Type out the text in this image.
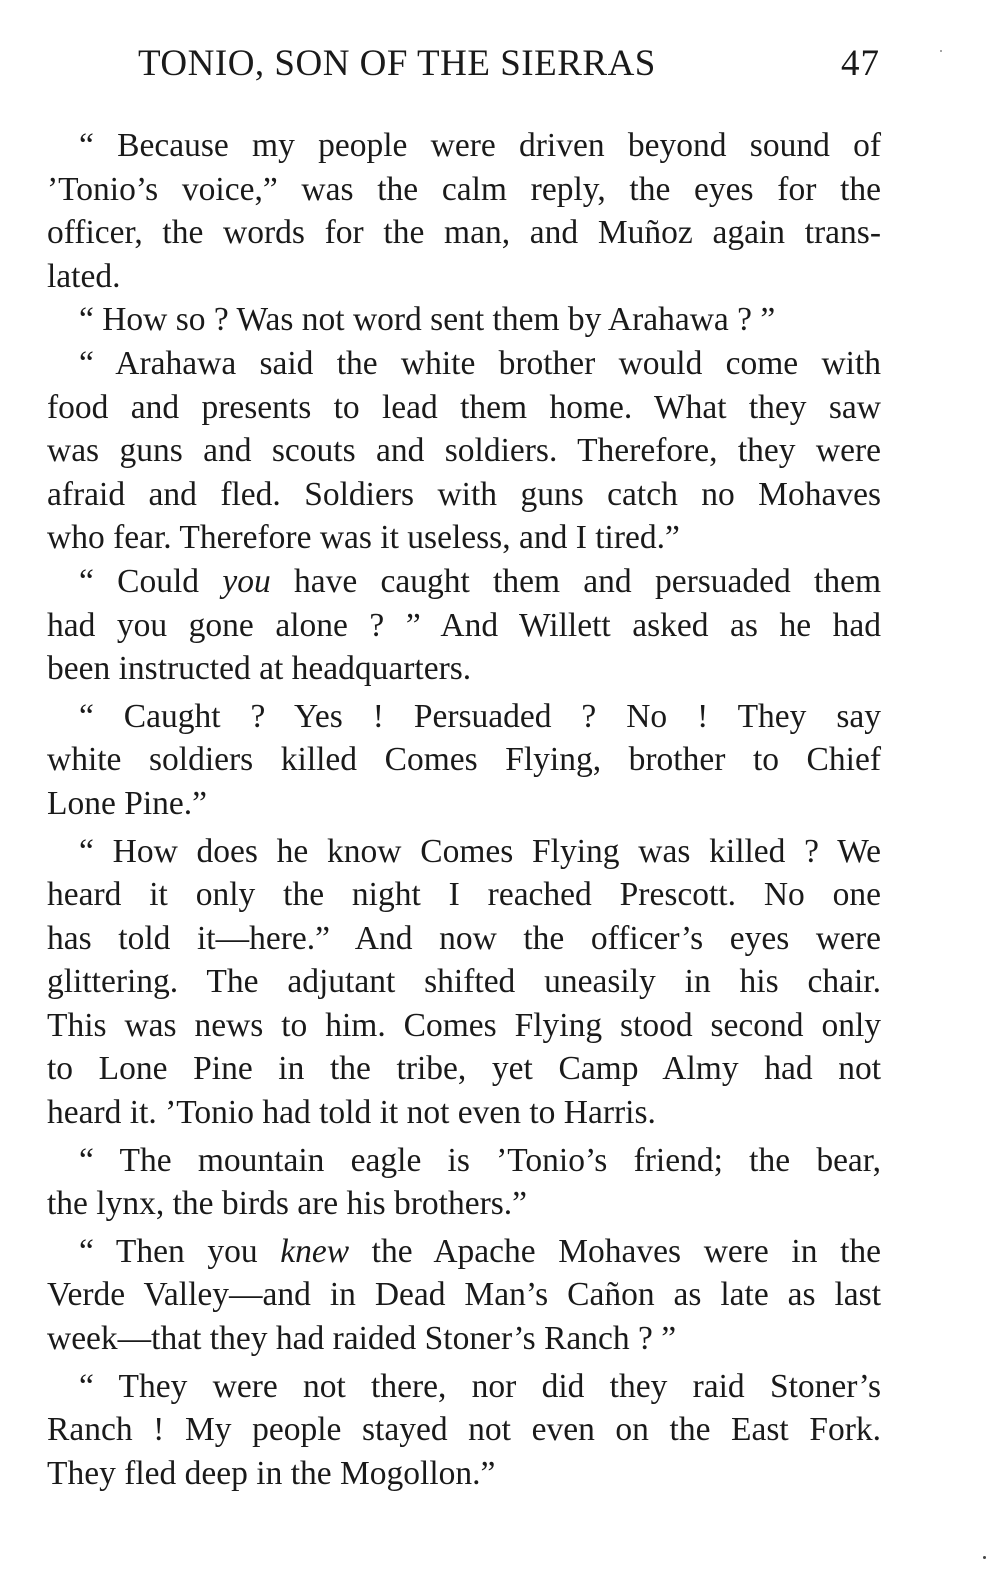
TONIO, SON OF THE SIERRAS	47
“ Because my people were driven beyond sound of
’Tonio’s voice,” was the calm reply, the eyes for the
officer, the words for the man, and Muñoz again trans-
lated.
“ How so ? Was not word sent them by Arahawa ? ”
“ Arahawa said the white brother would come with
food and presents to lead them home. What they saw
was guns and scouts and soldiers. Therefore, they were
afraid and fled. Soldiers with guns catch no Mohaves
who fear. Therefore was it useless, and I tired.”
“ Could you have caught them and persuaded them
had you gone alone ? ” And Willett asked as he had
been instructed at headquarters.
“ Caught ? Yes ! Persuaded ? No ! They say
white soldiers killed Comes Flying, brother to Chief
Lone Pine.”
“ How does he know Comes Flying was killed ? We
heard it only the night I reached Prescott. No one
has told it—here.” And now the officer’s eyes were
glittering. The adjutant shifted uneasily in his chair.
This was news to him. Comes Flying stood second only
to Lone Pine in the tribe, yet Camp Almy had not
heard it. ’Tonio had told it not even to Harris.
“ The mountain eagle is ’Tonio’s friend; the bear,
the lynx, the birds are his brothers.”
“ Then you knew the Apache Mohaves were in the
Verde Valley—and in Dead Man’s Cañon as late as last
week—that they had raided Stoner’s Ranch ? ”
“ They were not there, nor did they raid Stoner’s
Ranch ! My people stayed not even on the East Fork.
They fled deep in the Mogollon.”
